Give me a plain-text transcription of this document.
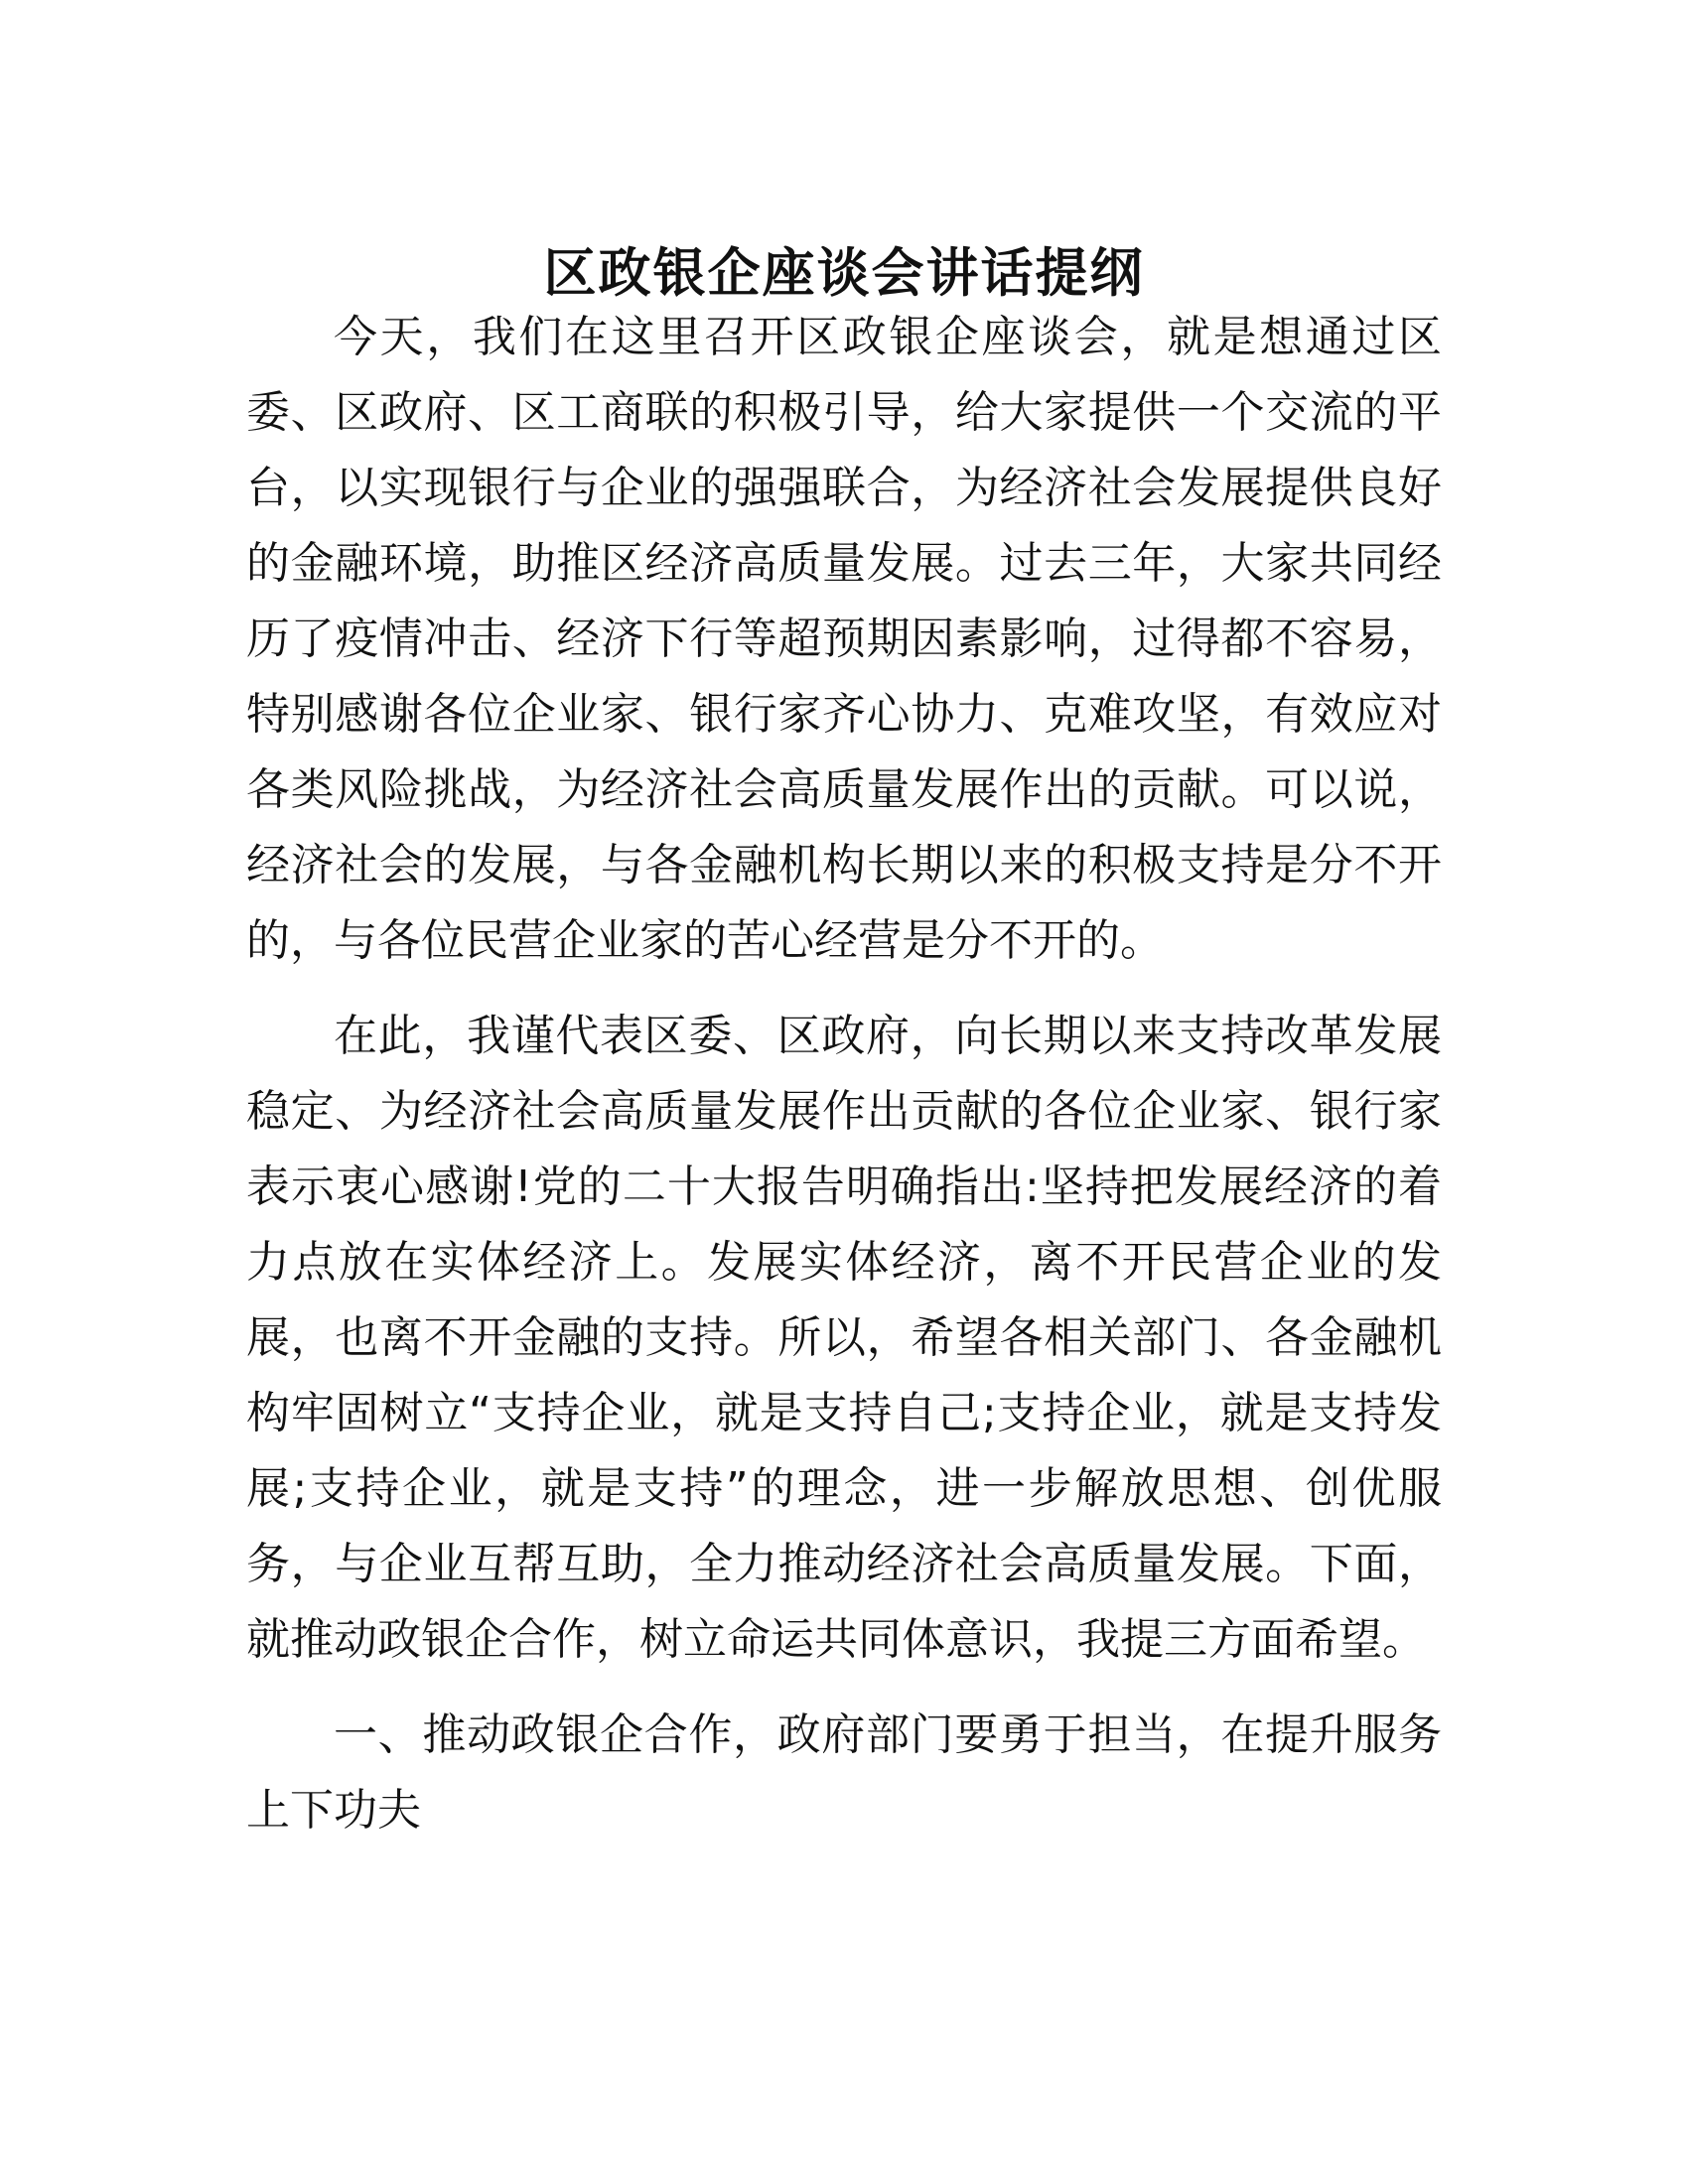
区政银企座谈会讲话提纲

今天，我们在这里召开区政银企座谈会，就是想通过区委、区政府、区工商联的积极引导，给大家提供一个交流的平台，以实现银行与企业的强强联合，为经济社会发展提供良好的金融环境，助推区经济高质量发展。过去三年，大家共同经历了疫情冲击、经济下行等超预期因素影响，过得都不容易，特别感谢各位企业家、银行家齐心协力、克难攻坚，有效应对各类风险挑战，为经济社会高质量发展作出的贡献。可以说，经济社会的发展，与各金融机构长期以来的积极支持是分不开的，与各位民营企业家的苦心经营是分不开的。

在此，我谨代表区委、区政府，向长期以来支持改革发展稳定、为经济社会高质量发展作出贡献的各位企业家、银行家表示衷心感谢!党的二十大报告明确指出:坚持把发展经济的着力点放在实体经济上。发展实体经济，离不开民营企业的发展，也离不开金融的支持。所以，希望各相关部门、各金融机构牢固树立“支持企业，就是支持自己;支持企业，就是支持发展;支持企业，就是支持”的理念，进一步解放思想、创优服务，与企业互帮互助，全力推动经济社会高质量发展。下面，就推动政银企合作，树立命运共同体意识，我提三方面希望。

一、推动政银企合作，政府部门要勇于担当，在提升服务上下功夫
